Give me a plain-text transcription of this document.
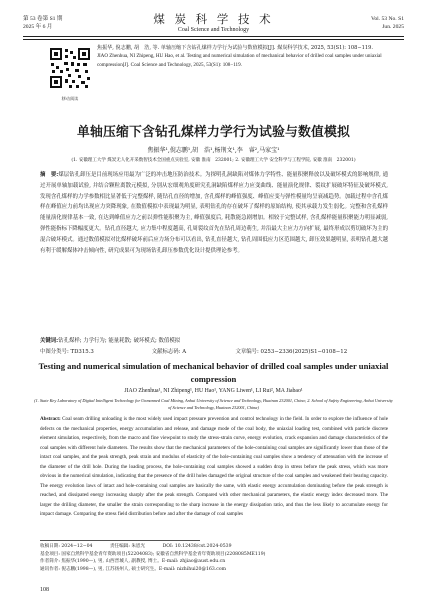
第 53 卷第 S1 期
2025 年 6 月
煤 炭 科 学 技 术
Coal Science and Technology
Vol. 53 No. S1
Jun. 2025
移动阅读

焦振华, 倪志鹏, 胡　浩, 等. 单轴压缩下含钻孔煤样力学行为试验与数值模拟[J]. 煤炭科学技术, 2025, 53(S1): 108−119.

JIAO Zhenhua, NI Zhipeng, HU Hao, et al. Testing and numerical simulation of mechanical behavior of drilled coal samples under uniaxial compression[J]. Coal Science and Technology, 2025, 53(S1): 108−119.

单轴压缩下含钻孔煤样力学行为试验与数值模拟
焦振华¹,倪志鹏¹,胡　浩¹,杨荆文¹,李　睿²,马家宝¹
(1. 安徽理工大学 煤炭无人化开采数智技术全国重点实验室, 安徽 淮南　232001; 2. 安徽理工大学 安全科学与工程学院, 安徽 淮南　232001)

摘　要:煤层钻孔卸压是目前现场应用最为广泛的冲击地压防治技术。为探明孔洞缺陷对煤体力学特性、能量积聚释放以及破坏模式的影响规律, 通过开展单轴加载试验, 并结合颗粒离散元模拟, 分别从宏细观角度研究孔洞缺陷煤样应力应变曲线、能量演化规律、裂纹扩展破坏特征及破坏模式, 发现含孔煤样的力学参数相比显著低于完整煤样, 随钻孔直径的增加, 含孔煤样的峰值强度、峰值应变与弹性模量均呈衰减趋势。加载过程中含孔煤样在峰值应力前均出现应力突降现象, 在数值模拟中表现最为明显, 表明钻孔的存在破坏了煤样的原始结构, 使其承载力发生弱化。完整和含孔煤样能量演化规律基本一致, 在达到峰值应力之前以弹性能积聚为主, 峰值强度后, 耗散能急剧增加。相较于完整试样, 含孔煤样能量积聚能力明显减弱, 弹性能指标下降幅度更大。钻孔直径越大, 应力集中程度越高, 孔周裂纹首先在钻孔周边萌生, 并沿最大主应力方向扩展, 最终形成以剪切破坏为主的混合破坏模式。通过数值模拟对比煤样破坏前后应力场分布可以看出, 钻孔直径越大, 钻孔周围低应力区范围越大, 卸压效果越明显, 表明钻孔越大越有利于缓解煤体冲击倾向性, 研究成果可为现场钻孔卸压参数优化设计提供理论参考。

关键词:钻孔煤样; 力学行为; 能量耗散; 破坏模式; 数值模拟
中图分类号: TD315.3	文献标志码: A	文章编号: 0253−2336(2025)S1−0108−12
Testing and numerical simulation of mechanical behavior of drilled coal samples under uniaxial compression
JIAO Zhenhua¹, NI Zhipeng¹, HU Hao¹, YANG Liwen¹, LI Rui², MA Jiabao¹
(1. State Key Laboratory of Digital Intelligent Technology for Unmanned Coal Mining, Anhui University of Science and Technology, Huainan 232001, China; 2. School of Safety Engineering, Anhui University of Science and Technology, Huainan 232001, China)

Abstract: Coal seam drilling unloading is the most widely used impact pressure prevention and control technology in the field. In order to explore the influence of hole defects on the mechanical properties, energy accumulation and release, and damage mode of the coal body, the uniaxial loading test, combined with particle discrete element simulation, respectively, from the macro and fine viewpoint to study the stress-strain curve, energy evolution, crack expansion and damage characteristics of the coal samples with different hole diameters. The results show that the mechanical parameters of the hole-containing coal samples are significantly lower than those of the intact coal samples, and the peak strength, peak strain and modulus of elasticity of the hole-containing coal samples show a tendency of attenuation with the increase of the diameter of the drill hole. During the loading process, the hole-containing coal samples showed a sudden drop in stress before the peak stress, which was more obvious in the numerical simulation, indicating that the presence of the drill holes damaged the original structure of the coal samples and weakened their bearing capacity. The energy evolution laws of intact and hole-containing coal samples are basically the same, with elastic energy accumulation dominating before the peak strength is reached, and dissipated energy increasing sharply after the peak strength. Compared with other mechanical parameters, the elastic energy index decreased more. The larger the drilling diameter, the smaller the strain corresponding to the sharp increase in the energy dissipation ratio, and thus the less likely to accumulate energy for impact damage. Comparing the stress field distribution before and after the damage of coal samples

收稿日期: 2024−12−04	责任编辑: 朱恩光	DOI: 10.12438/cst.2024-0539

基金项目: 国家自然科学基金青年资助项目(52204083); 安徽省自然科学基金青年资助项目(2208085ME119)

作者简介: 焦振华(1990—), 男, 山西晋城人, 副教授, 博士。E-mail: zhjiao@aust.edu.cn

通讯作者: 倪志鹏(1998—), 男, 江苏扬州人, 硕士研究生。E-mail: nizhihui20@163.com

108
